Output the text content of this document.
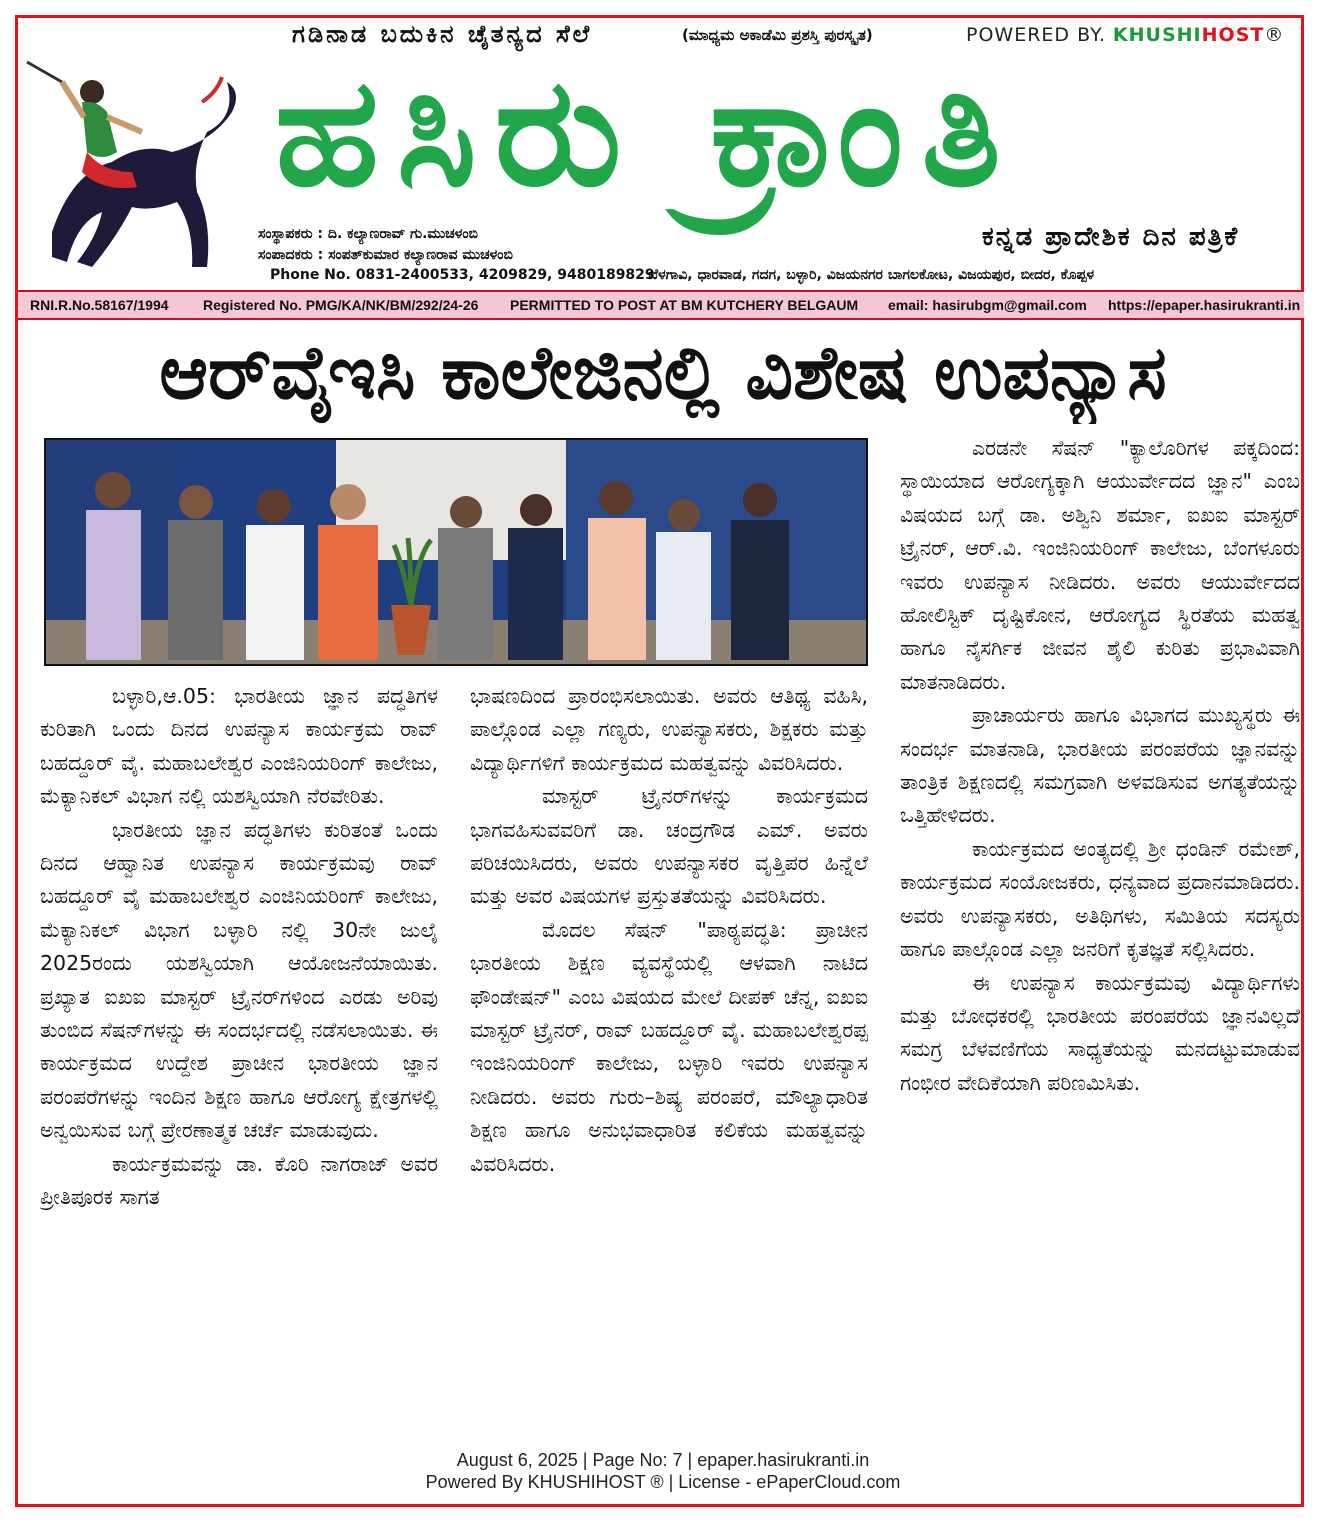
ಗಡಿನಾಡ ಬದುಕಿನ ಚೈತನ್ಯದ ಸೆಲೆ	(ಮಾಧ್ಯಮ ಅಕಾಡೆಮಿ ಪ್ರಶಸ್ತಿ ಪುರಸ್ಕೃತ)	POWERED BY. KHUSHIHOST®
ಹಸಿರು ಕ್ರಾಂತಿ
ಕನ್ನಡ ಪ್ರಾದೇಶಿಕ ದಿನ ಪತ್ರಿಕೆ
ಸಂಸ್ಥಾಪಕರು : ದಿ. ಕಲ್ಯಾಣರಾವ್ ಗು.ಮುಚಳಂಬಿ
ಸಂಪಾದಕರು : ಸಂಪತ್‌ಕುಮಾರ ಕಲ್ಯಾಣರಾವ ಮುಚಳಂಬಿ
Phone No. 0831-2400533, 4209829, 9480189829
ಬೆಳಗಾವಿ, ಧಾರವಾಡ, ಗದಗ, ಬಳ್ಳಾರಿ, ವಿಜಯನಗರ ಬಾಗಲಕೋಟ, ವಿಜಯಪುರ, ಬೀದರ, ಕೊಪ್ಪಳ
RNI.R.No.58167/1994 Registered No. PMG/KA/NK/BM/292/24-26 PERMITTED TO POST AT BM KUTCHERY BELGAUM email: hasirubgm@gmail.com https://epaper.hasirukranti.in
ಆರ್‌ವೈಇಸಿ ಕಾಲೇಜಿನಲ್ಲಿ ವಿಶೇಷ ಉಪನ್ಯಾಸ

ಬಳ್ಳಾರಿ,ಆ.05: ಭಾರತೀಯ ಜ್ಞಾನ ಪದ್ಧತಿಗಳ ಕುರಿತಾಗಿ ಒಂದು ದಿನದ ಉಪನ್ಯಾಸ ಕಾರ್ಯಕ್ರಮ ರಾವ್ ಬಹದ್ದೂರ್ ವೈ. ಮಹಾಬಲೇಶ್ವರ ಎಂಜಿನಿಯರಿಂಗ್ ಕಾಲೇಜು, ಮೆಕ್ಯಾನಿಕಲ್ ವಿಭಾಗ ನಲ್ಲಿ ಯಶಸ್ವಿಯಾಗಿ ನೆರವೇರಿತು.

ಭಾರತೀಯ ಜ್ಞಾನ ಪದ್ಧತಿಗಳು ಕುರಿತಂತೆ ಒಂದು ದಿನದ ಆಹ್ವಾನಿತ ಉಪನ್ಯಾಸ ಕಾರ್ಯಕ್ರಮವು ರಾವ್ ಬಹದ್ದೂರ್ ವೈ ಮಹಾಬಲೇಶ್ವರ ಎಂಜಿನಿಯರಿಂಗ್ ಕಾಲೇಜು, ಮೆಕ್ಯಾನಿಕಲ್ ವಿಭಾಗ ಬಳ್ಳಾರಿ ನಲ್ಲಿ 30ನೇ ಜುಲೈ 2025ರಂದು ಯಶಸ್ವಿಯಾಗಿ ಆಯೋಜನೆಯಾಯಿತು. ಪ್ರಖ್ಯಾತ ಐಖಐ ಮಾಸ್ಟರ್ ಟ್ರೈನರ್‌ಗಳಿಂದ ಎರಡು ಅರಿವು ತುಂಬಿದ ಸೆಷನ್‌ಗಳನ್ನು ಈ ಸಂದರ್ಭದಲ್ಲಿ ನಡೆಸಲಾಯಿತು. ಈ ಕಾರ್ಯಕ್ರಮದ ಉದ್ದೇಶ ಪ್ರಾಚೀನ ಭಾರತೀಯ ಜ್ಞಾನ ಪರಂಪರೆಗಳನ್ನು ಇಂದಿನ ಶಿಕ್ಷಣ ಹಾಗೂ ಆರೋಗ್ಯ ಕ್ಷೇತ್ರಗಳಲ್ಲಿ ಅನ್ವಯಿಸುವ ಬಗ್ಗೆ ಪ್ರೇರಣಾತ್ಮಕ ಚರ್ಚೆ ಮಾಡುವುದು.

ಕಾರ್ಯಕ್ರಮವನ್ನು ಡಾ. ಕೊರಿ ನಾಗರಾಜ್ ಅವರ ಪ್ರೀತಿಪೂರಕ ಸಾಗತ

ಭಾಷಣದಿಂದ ಪ್ರಾರಂಭಿಸಲಾಯಿತು. ಅವರು ಆತಿಥ್ಯ ವಹಿಸಿ, ಪಾಲ್ಗೊಂಡ ಎಲ್ಲಾ ಗಣ್ಯರು, ಉಪನ್ಯಾಸಕರು, ಶಿಕ್ಷಕರು ಮತ್ತು ವಿದ್ಯಾರ್ಥಿಗಳಿಗೆ ಕಾರ್ಯಕ್ರಮದ ಮಹತ್ವವನ್ನು ವಿವರಿಸಿದರು.

ಮಾಸ್ಟರ್ ಟ್ರೈನರ್‌ಗಳನ್ನು ಕಾರ್ಯಕ್ರಮದ ಭಾಗವಹಿಸುವವರಿಗೆ ಡಾ. ಚಂದ್ರಗೌಡ ಎಮ್. ಅವರು ಪರಿಚಯಿಸಿದರು, ಅವರು ಉಪನ್ಯಾಸಕರ ವೃತ್ತಿಪರ ಹಿನ್ನೆಲೆ ಮತ್ತು ಅವರ ವಿಷಯಗಳ ಪ್ರಸ್ತುತತೆಯನ್ನು ವಿವರಿಸಿದರು.

ಮೊದಲ ಸೆಷನ್ "ಪಾಠ್ಯಪದ್ಧತಿ: ಪ್ರಾಚೀನ ಭಾರತೀಯ ಶಿಕ್ಷಣ ವ್ಯವಸ್ಥೆಯಲ್ಲಿ ಆಳವಾಗಿ ನಾಟಿದ ಫೌಂಡೇಷನ್" ಎಂಬ ವಿಷಯದ ಮೇಲೆ ದೀಪಕ್ ಚೆನ್ನ, ಐಖಐ ಮಾಸ್ಟರ್ ಟ್ರೈನರ್, ರಾವ್ ಬಹದ್ದೂರ್ ವೈ. ಮಹಾಬಲೇಶ್ವರಪ್ಪ ಇಂಜಿನಿಯರಿಂಗ್ ಕಾಲೇಜು, ಬಳ್ಳಾರಿ ಇವರು ಉಪನ್ಯಾಸ ನೀಡಿದರು. ಅವರು ಗುರು–ಶಿಷ್ಯ ಪರಂಪರೆ, ಮೌಲ್ಯಾಧಾರಿತ ಶಿಕ್ಷಣ ಹಾಗೂ ಅನುಭವಾಧಾರಿತ ಕಲಿಕೆಯ ಮಹತ್ವವನ್ನು ವಿವರಿಸಿದರು.

ಎರಡನೇ ಸೆಷನ್ "ಕ್ಯಾಲೊರಿಗಳ ಪಕ್ಕದಿಂದ: ಸ್ಥಾಯಿಯಾದ ಆರೋಗ್ಯಕ್ಕಾಗಿ ಆಯುರ್ವೇದದ ಜ್ಞಾನ" ಎಂಬ ವಿಷಯದ ಬಗ್ಗೆ ಡಾ. ಅಶ್ವಿನಿ ಶರ್ಮಾ, ಐಖಐ ಮಾಸ್ಟರ್ ಟ್ರೈನರ್, ಆರ್.ವಿ. ಇಂಜಿನಿಯರಿಂಗ್ ಕಾಲೇಜು, ಬೆಂಗಳೂರು ಇವರು ಉಪನ್ಯಾಸ ನೀಡಿದರು. ಅವರು ಆಯುರ್ವೇದದ ಹೋಲಿಸ್ಟಿಕ್ ದೃಷ್ಟಿಕೋನ, ಆರೋಗ್ಯದ ಸ್ಥಿರತೆಯ ಮಹತ್ವ ಹಾಗೂ ನೈಸರ್ಗಿಕ ಜೀವನ ಶೈಲಿ ಕುರಿತು ಪ್ರಭಾವಿವಾಗಿ ಮಾತನಾಡಿದರು.

ಪ್ರಾಚಾರ್ಯರು ಹಾಗೂ ವಿಭಾಗದ ಮುಖ್ಯಸ್ಥರು ಈ ಸಂದರ್ಭ ಮಾತನಾಡಿ, ಭಾರತೀಯ ಪರಂಪರೆಯ ಜ್ಞಾನವನ್ನು ತಾಂತ್ರಿಕ ಶಿಕ್ಷಣದಲ್ಲಿ ಸಮಗ್ರವಾಗಿ ಅಳವಡಿಸುವ ಅಗತ್ಯತೆಯನ್ನು ಒತ್ತಿಹೇಳಿದರು.

ಕಾರ್ಯಕ್ರಮದ ಅಂತ್ಯದಲ್ಲಿ ಶ್ರೀ ಧಂಡಿನ್ ರಮೇಶ್, ಕಾರ್ಯಕ್ರಮದ ಸಂಯೋಜಕರು, ಧನ್ಯವಾದ ಪ್ರದಾನಮಾಡಿದರು. ಅವರು ಉಪನ್ಯಾಸಕರು, ಅತಿಥಿಗಳು, ಸಮಿತಿಯ ಸದಸ್ಯರು ಹಾಗೂ ಪಾಲ್ಗೊಂಡ ಎಲ್ಲಾ ಜನರಿಗೆ ಕೃತಜ್ಞತೆ ಸಲ್ಲಿಸಿದರು.

ಈ ಉಪನ್ಯಾಸ ಕಾರ್ಯಕ್ರಮವು ವಿದ್ಯಾರ್ಥಿಗಳು ಮತ್ತು ಬೋಧಕರಲ್ಲಿ ಭಾರತೀಯ ಪರಂಪರೆಯ ಜ್ಞಾನವಿಲ್ಲದೆ ಸಮಗ್ರ ಬೆಳವಣಿಗೆಯ ಸಾಧ್ಯತೆಯನ್ನು ಮನದಟ್ಟುಮಾಡುವ ಗಂಭೀರ ವೇದಿಕೆಯಾಗಿ ಪರಿಣಮಿಸಿತು.

August 6, 2025 | Page No: 7 | epaper.hasirukranti.in
Powered By KHUSHIHOST ® | License - ePaperCloud.com
